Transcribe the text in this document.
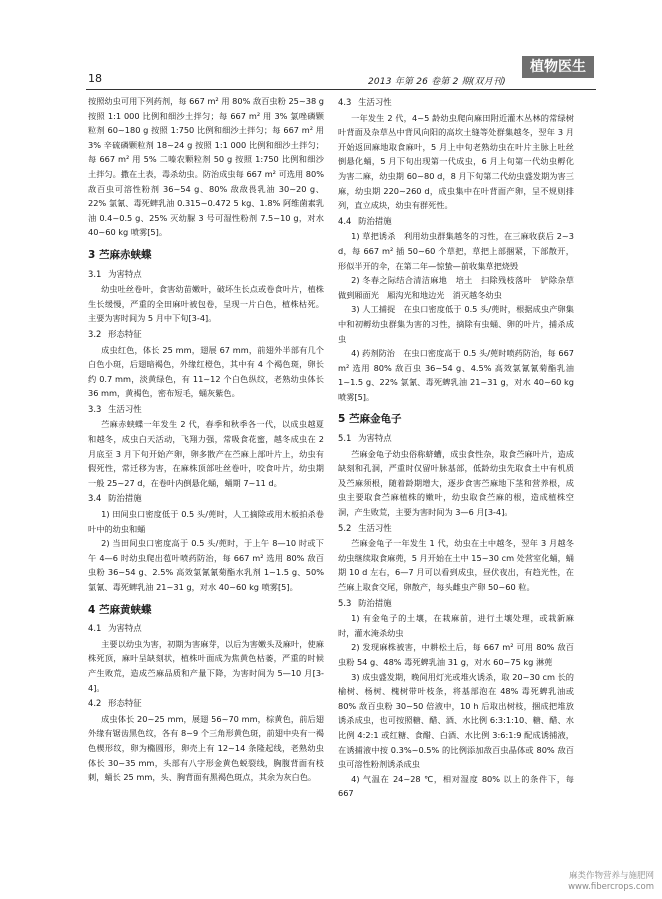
18	2013 年第 26 卷第 2 期(双月刊)
植物医生

按照幼虫可用下列药剂，每 667 m² 用 80% 敌百虫粉 25~38 g 按照 1:1 000 比例和细沙土拌匀；每 667 m² 用 3% 氯唑磷颗粒剂 60~180 g 按照 1:750 比例和细沙土拌匀；每 667 m² 用 3% 辛硫磷颗粒剂 18~24 g 按照 1:1 000 比例和细沙土拌匀；每 667 m² 用 5% 二嗪农颗粒剂 50 g 按照 1:750 比例和细沙土拌匀。撒在土表，毒杀幼虫。防治成虫每 667 m² 可选用 80% 敌百虫可溶性粉剂 36~54 g、80% 敌敌畏乳油 30~20 g、22% 氯氰、毒死蜱乳油 0.315~0.472 5 kg、1.8% 阿维菌素乳油 0.4~0.5 g、25% 灭幼脲 3 号可湿性粉剂 7.5~10 g，对水 40~60 kg 喷雾[5]。

3 苎麻赤蛱蝶
3.1 为害特点

幼虫吐丝卷叶，食害幼苗嫩叶，破坏生长点或卷食叶片，植株生长缓慢，严重的全田麻叶被包卷，呈现一片白色，植株枯死。主要为害时间为 5 月中下旬[3-4]。

3.2 形态特征

成虫红色，体长 25 mm，翅展 67 mm，前翅外半部有几个白色小斑，后翅暗褐色，外缘红橙色，其中有 4 个褐色斑，卵长约 0.7 mm，淡黄绿色，有 11~12 个白色纵纹，老熟幼虫体长 36 mm，黄褐色，密布短毛，蛹灰紫色。

3.3 生活习性

苎麻赤蛱蝶一年发生 2 代，春季和秋季各一代，以成虫越夏和越冬，成虫白天活动，飞翔力强，常吸食花蜜，越冬成虫在 2 月底至 3 月下旬开始产卵，卵多散产在苎麻上部叶片上，幼虫有假死性，常迁移为害，在麻株顶部吐丝卷叶，咬食叶片，幼虫期一般 25~27 d，在卷叶内倒悬化蛹，蛹期 7~11 d。

3.4 防治措施

1) 田间虫口密度低于 0.5 头/蔸时，人工摘除或用木板拍杀卷叶中的幼虫和蛹

2) 当田间虫口密度高于 0.5 头/蔸时，于上午 8—10 时或下午 4—6 时幼虫爬出苞叶喷药防治，每 667 m² 选用 80% 敌百虫粉 36~54 g、2.5% 高效氯氰氰菊酯水乳剂 1~1.5 g、50% 氯氰、毒死蜱乳油 21~31 g，对水 40~60 kg 喷雾[5]。

4 苎麻黄蛱蝶
4.1 为害特点

主要以幼虫为害，初期为害麻芽，以后为害嫩头及麻叶，使麻株死顶，麻叶呈缺刻状，植株叶面成为焦黄色枯萎，严重的时候产生败荒，造成苎麻品质和产量下降，为害时间为 5—10 月[3-4]。

4.2 形态特征

成虫体长 20~25 mm，展翅 56~70 mm，棕黄色，前后翅外缘有锯齿黑色纹，各有 8~9 个三角形黄色斑，前翅中央有一褐色楔形纹，卵为橢圆形，卵壳上有 12~14 条隆起线，老熟幼虫体长 30~35 mm，头部有八字形金黄色蜕裂线，胸腹背面有枝刺，蛹长 25 mm，头、胸背面有黑褐色斑点，其余为灰白色。

4.3 生活习性

一年发生 2 代，4~5 龄幼虫爬向麻田附近灌木丛林的常绿树叶背面及杂草丛中背风向阳的高坎土缝等处群集越冬，翌年 3 月开始返回麻地取食麻叶，5 月上中旬老熟幼虫在叶片主脉上吐丝倒悬化蛹，5 月下旬出现第一代成虫，6 月上旬第一代幼虫孵化为害二麻，幼虫期 60~80 d，8 月下旬第二代幼虫盛发期为害三麻，幼虫期 220~260 d，成虫集中在叶背面产卵，呈不规则排列，直立成块，幼虫有群死性。

4.4 防治措施

1) 草把诱杀　利用幼虫群集越冬的习性，在三麻收获后 2~3 d，每 667 m² 插 50~60 个草把，草把上部捆紧，下部散开，形似半开的伞，在第二年—惊蛰—前收集草把烧毁

2) 冬春之际结合清洁麻地　培土　扫除残枝落叶　铲除杂草　做到厢面光　厢沟光和地边光　消灭越冬幼虫

3) 人工捕捉　在虫口密度低于 0.5 头/蔸时，根据成虫产卵集中和初孵幼虫群集为害的习性，摘除有虫蛹、卵的叶片，捕杀成虫

4) 药剂防治　在虫口密度高于 0.5 头/蔸时喷药防治，每 667 m² 选用 80% 敌百虫 36~54 g、4.5% 高效氯氰氰菊酯乳油 1~1.5 g、22% 氯氰、毒死蜱乳油 21~31 g，对水 40~60 kg 喷雾[5]。

5 苎麻金龟子
5.1 为害特点

苎麻金龟子幼虫俗称蛴螬，成虫食性杂，取食苎麻叶片，造成缺刻和孔洞，严重时仅留叶脉基部，低龄幼虫先取食土中有机质及苎麻须根，随着龄期增大，逐步食害苎麻地下茎和营养根，成虫主要取食苎麻植株的嫩叶，幼虫取食苎麻的根，造成植株空洞，产生败荒，主要为害时间为 3—6 月[3-4]。

5.2 生活习性

苎麻金龟子一年发生 1 代，幼虫在土中越冬，翌年 3 月越冬幼虫继续取食麻蔸，5 月开始在土中 15~30 cm 处营室化蛹，蛹期 10 d 左右，6—7 月可以看到成虫，昼伏夜出，有趋光性，在苎麻上取食交尾，卵散产，每头雌虫产卵 50~60 粒。

5.3 防治措施

1) 有金龟子的土壤，在栽麻前，进行土壤处理，或栽新麻时，灌水淹杀幼虫

2) 发现麻株被害，中耕松土后，每 667 m² 可用 80% 敌百虫粉 54 g、48% 毒死蜱乳油 31 g，对水 60~75 kg 淋蔸

3) 成虫盛发期，晚间用灯光或堆火诱杀，取 20~30 cm 长的榆树、杨树、槐树带叶枝条，将基部泡在 48% 毒死蜱乳油或 80% 敌百虫粉 30~50 倍液中，10 h 后取出树枝，捆成把堆放诱杀成虫，也可按照糖、醋、酒、水比例 6:3:1:10、糖、醋、水比例 4:2:1 或红糖、食醋、白酒、水比例 3:6:1:9 配成诱捕液，在诱捕液中按 0.3%~0.5% 的比例添加敌百虫晶体或 80% 敌百虫可溶性粉剂诱杀成虫

4) 气温在 24~28 ℃，相对湿度 80% 以上的条件下，每 667

麻类作物营养与施肥网
www.fibercrops.com
